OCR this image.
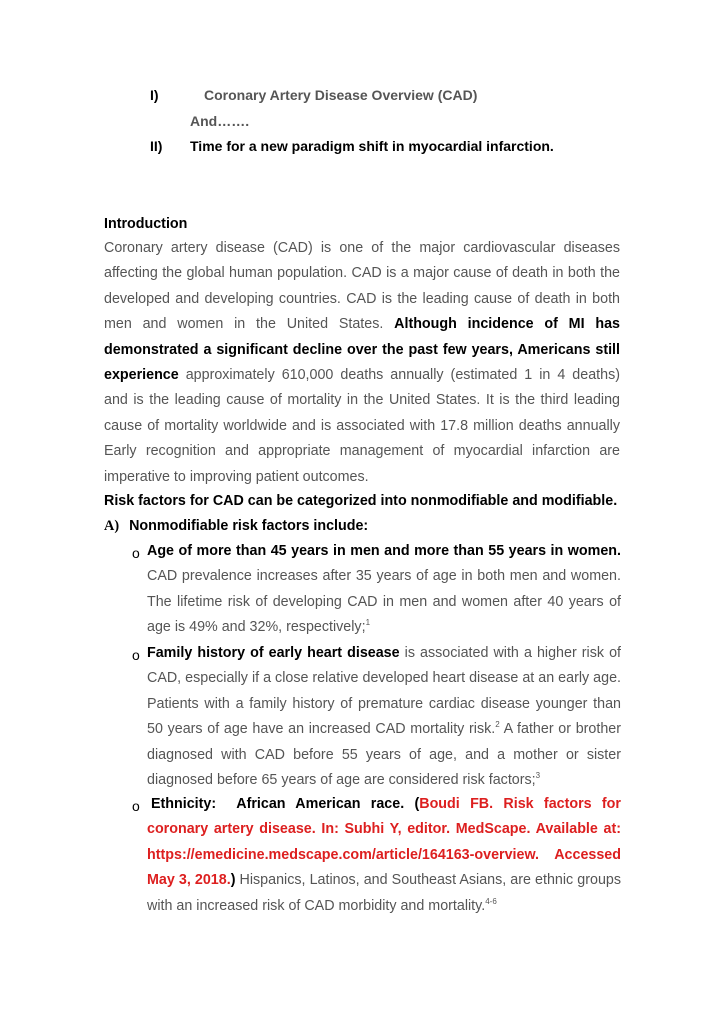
I)	Coronary Artery Disease Overview (CAD)
And…….
II) Time for a new paradigm shift in myocardial infarction.
Introduction
Coronary artery disease (CAD) is one of the major cardiovascular diseases affecting the global human population. CAD is a major cause of death in both the developed and developing countries. CAD is the leading cause of death in both men and women in the United States. Although incidence of MI has demonstrated a significant decline over the past few years, Americans still experience approximately 610,000 deaths annually (estimated 1 in 4 deaths) and is the leading cause of mortality in the United States. It is the third leading cause of mortality worldwide and is associated with 17.8 million deaths annually Early recognition and appropriate management of myocardial infarction are imperative to improving patient outcomes.
Risk factors for CAD can be categorized into nonmodifiable and modifiable.
A) Nonmodifiable risk factors include:
o Age of more than 45 years in men and more than 55 years in women. CAD prevalence increases after 35 years of age in both men and women. The lifetime risk of developing CAD in men and women after 40 years of age is 49% and 32%, respectively;$^1$
o Family history of early heart disease is associated with a higher risk of CAD, especially if a close relative developed heart disease at an early age. Patients with a family history of premature cardiac disease younger than 50 years of age have an increased CAD mortality risk.$^2$ A father or brother diagnosed with CAD before 55 years of age, and a mother or sister diagnosed before 65 years of age are considered risk factors;$^3$
o Ethnicity:  African American race. (Boudi FB. Risk factors for coronary artery disease. In: Subhi Y, editor. MedScape. Available at: https://emedicine.medscape.com/article/164163-overview. Accessed May 3, 2018.) Hispanics, Latinos, and Southeast Asians, are ethnic groups with an increased risk of CAD morbidity and mortality.$^{4-6}$
